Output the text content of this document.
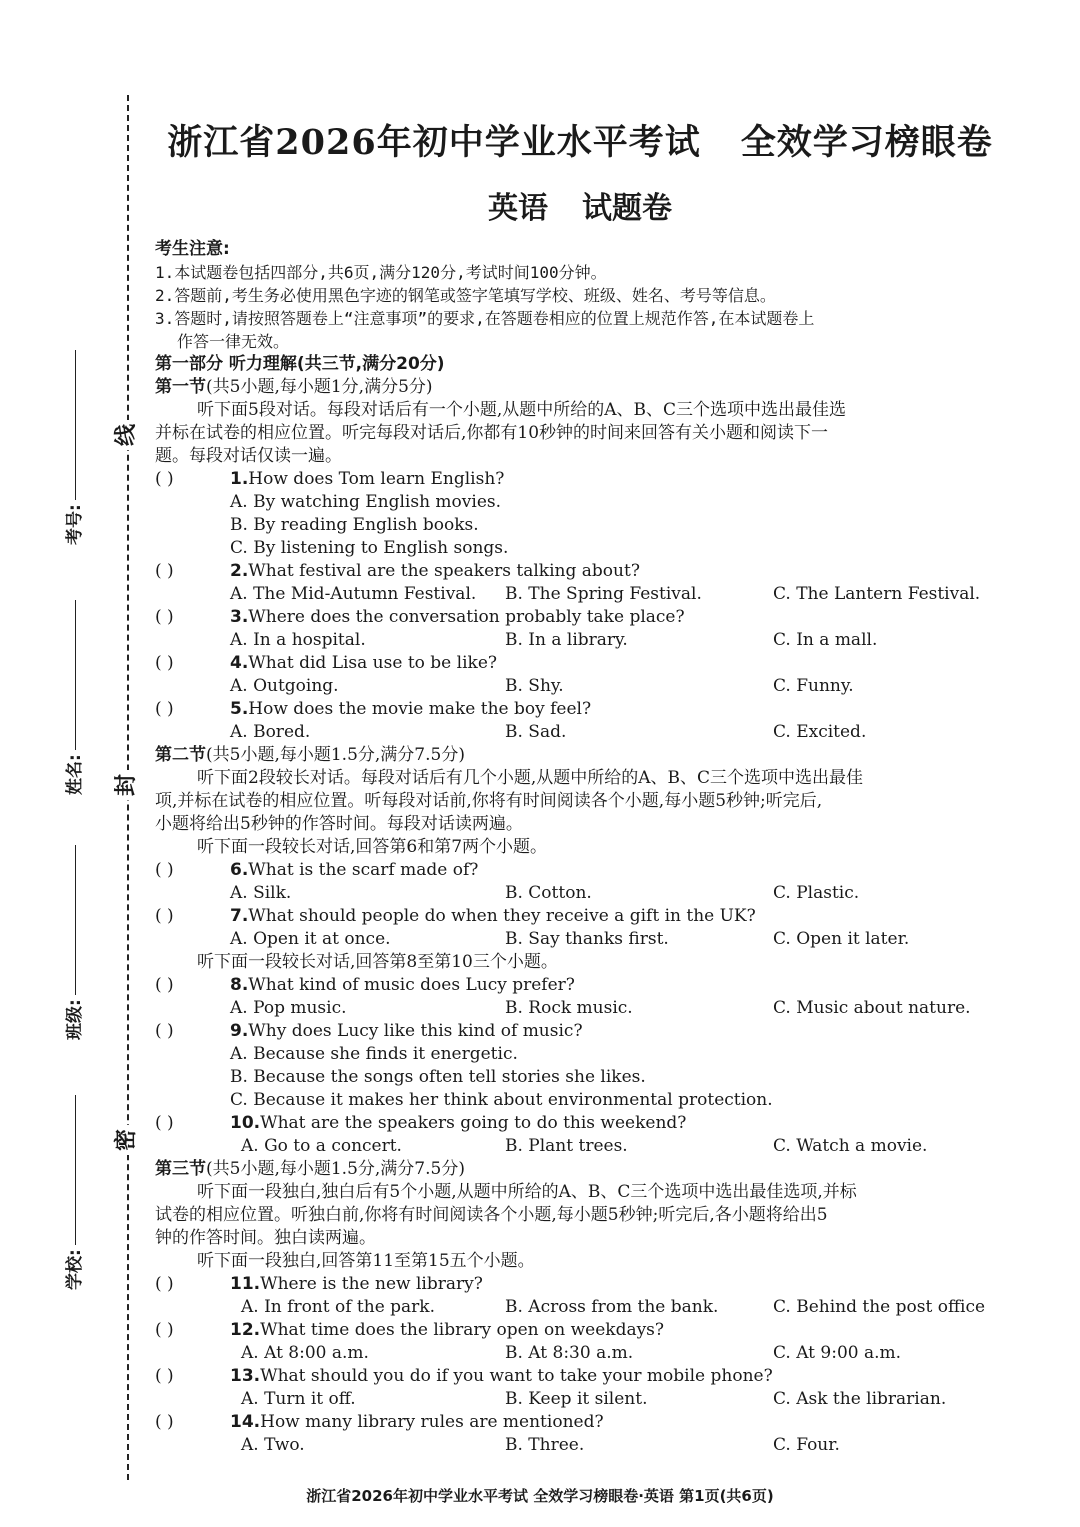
线
封
密
考号:
姓名:
班级:
学校:
浙江省2026年初中学业水平考试 全效学习榜眼卷
英语 试题卷
考生注意:
1.本试题卷包括四部分,共6页,满分120分,考试时间100分钟。
2.答题前,考生务必使用黑色字迹的钢笔或签字笔填写学校、班级、姓名、考号等信息。
3.答题时,请按照答题卷上“注意事项”的要求,在答题卷相应的位置上规范作答,在本试题卷上
作答一律无效。
第一部分 听力理解(共三节,满分20分)
第一节(共5小题,每小题1分,满分5分)
听下面5段对话。每段对话后有一个小题,从题中所给的A、B、C三个选项中选出最佳选
并标在试卷的相应位置。听完每段对话后,你都有10秒钟的时间来回答有关小题和阅读下一
题。每段对话仅读一遍。
( )	1.How does Tom learn English?
A. By watching English movies.
B. By reading English books.
C. By listening to English songs.
( )	2.What festival are the speakers talking about?
A. The Mid-Autumn Festival. B. The Spring Festival.	C. The Lantern Festival.
( )	3.Where does the conversation probably take place?
A. In a hospital.	B. In a library.	C. In a mall.
( )	4.What did Lisa use to be like?
A. Outgoing.	B. Shy.	C. Funny.
( )	5.How does the movie make the boy feel?
A. Bored.	B. Sad.	C. Excited.
第二节(共5小题,每小题1.5分,满分7.5分)
听下面2段较长对话。每段对话后有几个小题,从题中所给的A、B、C三个选项中选出最佳
项,并标在试卷的相应位置。听每段对话前,你将有时间阅读各个小题,每小题5秒钟;听完后,
小题将给出5秒钟的作答时间。每段对话读两遍。
听下面一段较长对话,回答第6和第7两个小题。
( )	6.What is the scarf made of?
A. Silk.	B. Cotton.	C. Plastic.
( )	7.What should people do when they receive a gift in the UK?
A. Open it at once.	B. Say thanks first.	C. Open it later.
听下面一段较长对话,回答第8至第10三个小题。
( )	8.What kind of music does Lucy prefer?
A. Pop music.	B. Rock music.	C. Music about nature.
( )	9.Why does Lucy like this kind of music?
A. Because she finds it energetic.
B. Because the songs often tell stories she likes.
C. Because it makes her think about environmental protection.
( )	10.What are the speakers going to do this weekend?
A. Go to a concert.	B. Plant trees.	C. Watch a movie.
第三节(共5小题,每小题1.5分,满分7.5分)
听下面一段独白,独白后有5个小题,从题中所给的A、B、C三个选项中选出最佳选项,并标
试卷的相应位置。听独白前,你将有时间阅读各个小题,每小题5秒钟;听完后,各小题将给出5
钟的作答时间。独白读两遍。
听下面一段独白,回答第11至第15五个小题。
( )	11.Where is the new library?
A. In front of the park.	B. Across from the bank.	C. Behind the post office
( )	12.What time does the library open on weekdays?
A. At 8:00 a.m.	B. At 8:30 a.m.	C. At 9:00 a.m.
( )	13.What should you do if you want to take your mobile phone?
A. Turn it off.	B. Keep it silent.	C. Ask the librarian.
( )	14.How many library rules are mentioned?
A. Two.	B. Three.	C. Four.
浙江省2026年初中学业水平考试 全效学习榜眼卷·英语 第1页(共6页)
